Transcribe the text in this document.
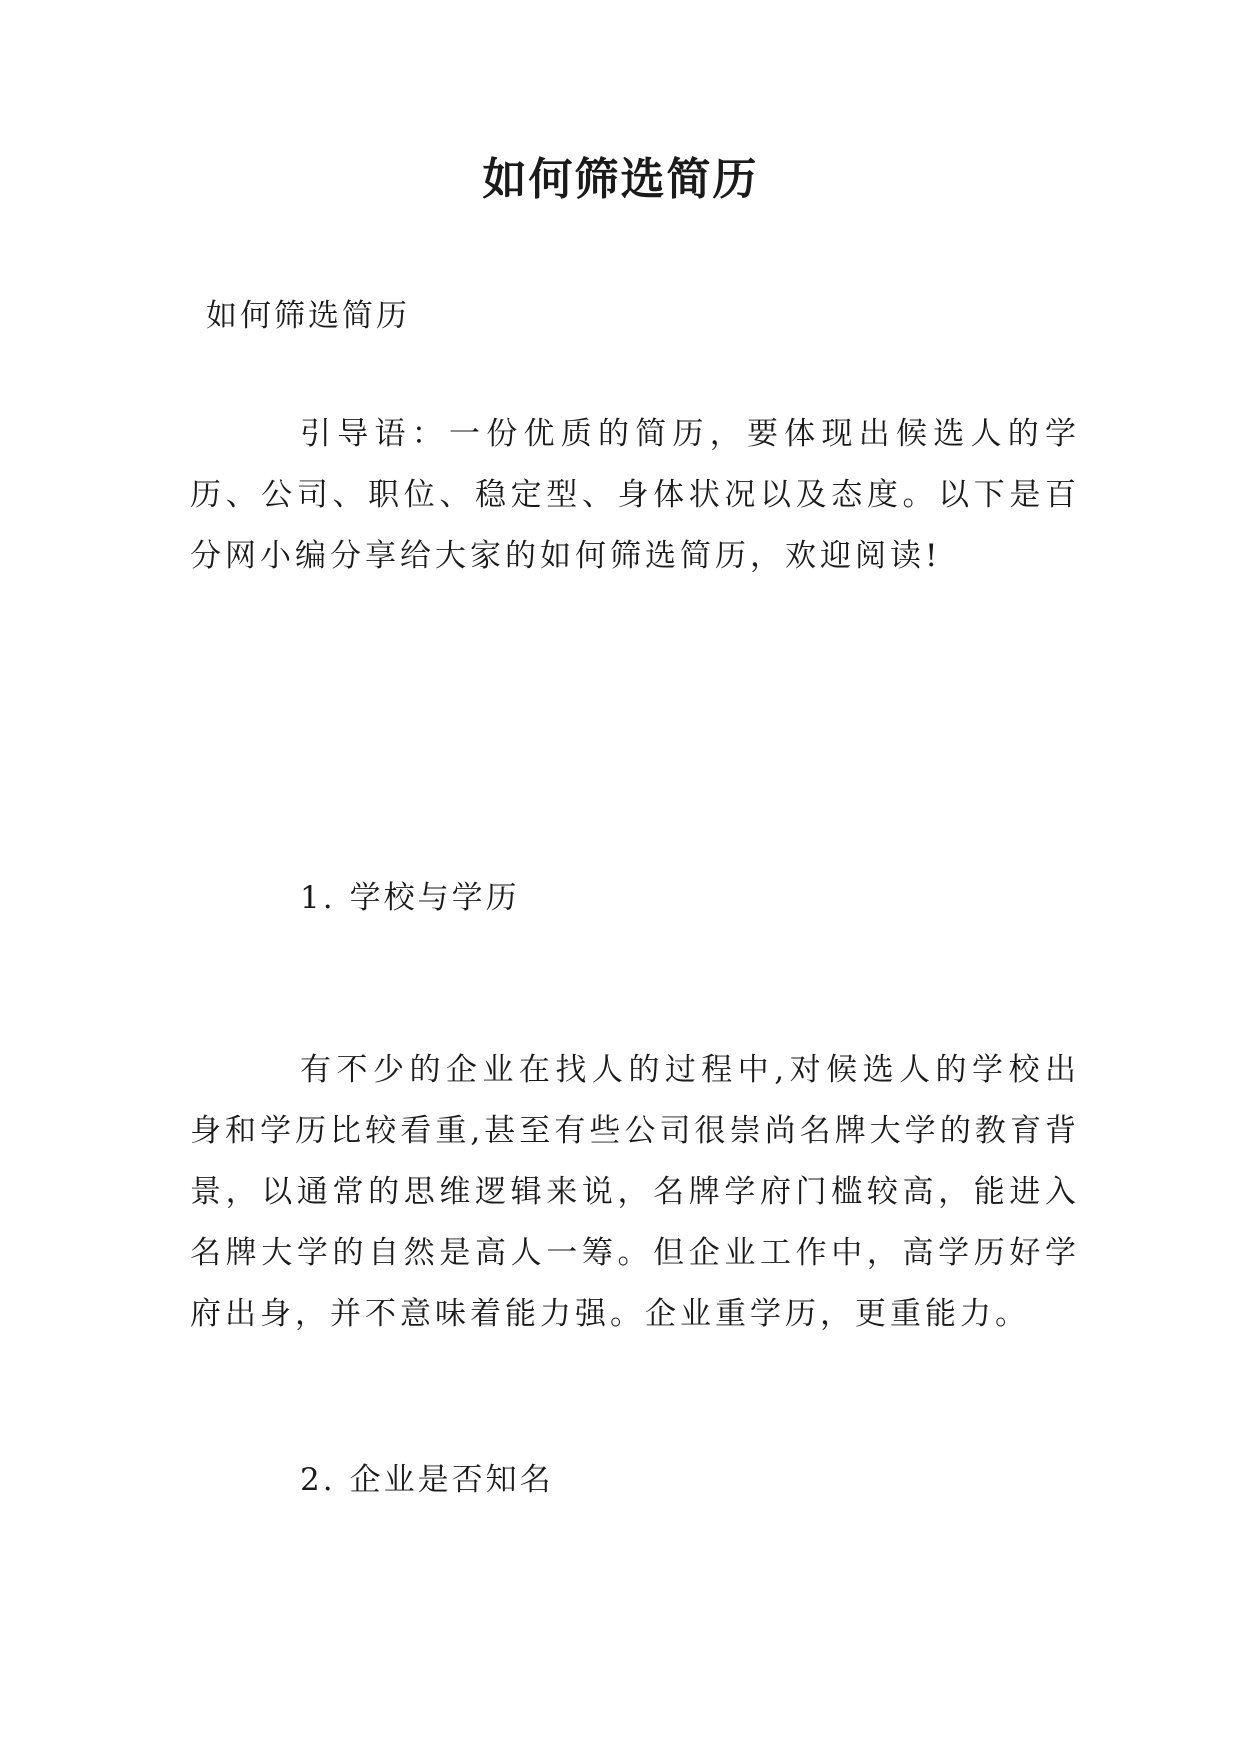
如何筛选简历
如何筛选简历

引导语：一份优质的简历，要体现出候选人的学历、公司、职位、稳定型、身体状况以及态度。以下是百分网小编分享给大家的如何筛选简历，欢迎阅读!

1. 学校与学历

有不少的企业在找人的过程中,对候选人的学校出身和学历比较看重,甚至有些公司很崇尚名牌大学的教育背景，以通常的思维逻辑来说，名牌学府门槛较高，能进入名牌大学的自然是高人一筹。但企业工作中，高学历好学府出身，并不意味着能力强。企业重学历，更重能力。

2. 企业是否知名
